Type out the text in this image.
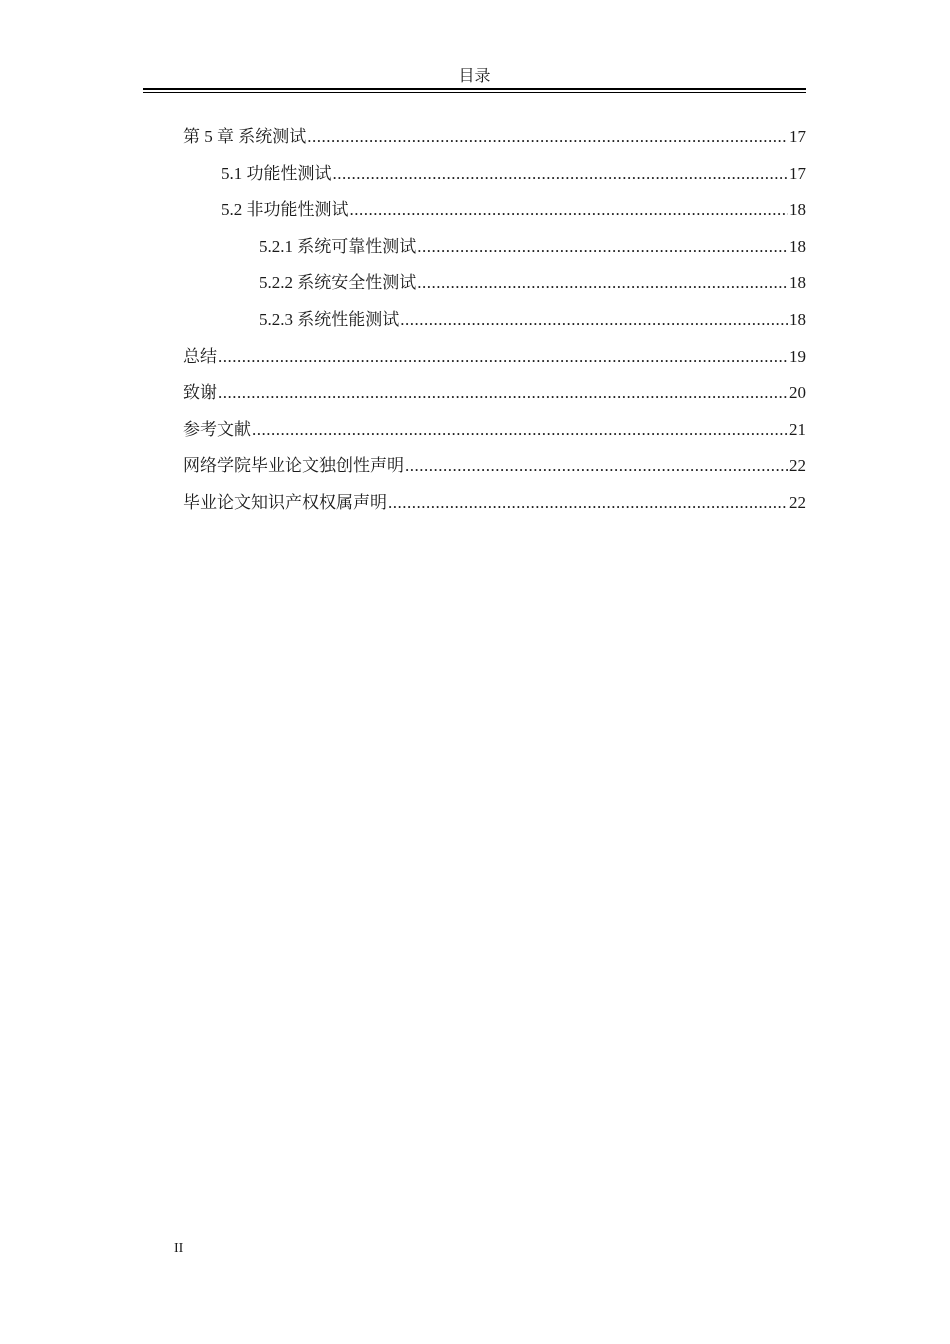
目录
第 5 章 系统测试 .....	17
5.1 功能性测试 .....	17
5.2 非功能性测试 .....	18
5.2.1 系统可靠性测试 .....	18
5.2.2 系统安全性测试 .....	18
5.2.3 系统性能测试 .....	18
总结 .....	19
致谢 .....	20
参考文献 .....	21
网络学院毕业论文独创性声明 .....	22
毕业论文知识产权权属声明 .....	22
II
